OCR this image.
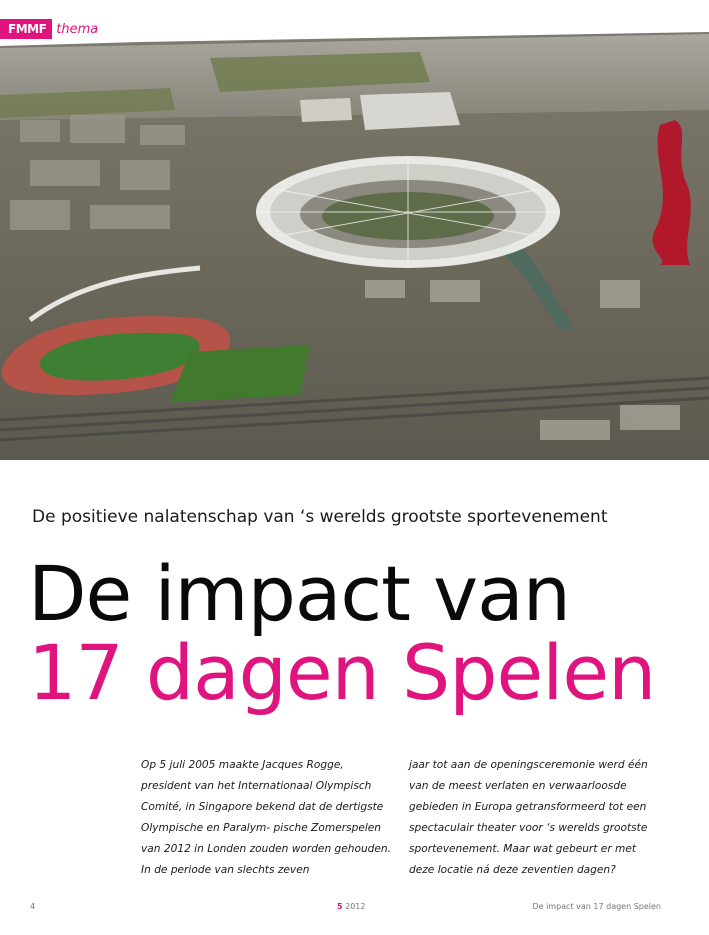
FMMF thema
De positieve nalatenschap van ‘s werelds grootste sportevenement
De impact van
17 dagen Spelen

Op 5 juli 2005 maakte Jacques Rogge, president van het Internationaal Olympisch Comité, in Singapore bekend dat de dertigste Olympische en Paralym- pische Zomerspelen van 2012 in Londen zouden worden gehouden. In de periode van slechts zeven

jaar tot aan de openingsceremonie werd één van de meest verlaten en verwaarloosde gebieden in Europa getransformeerd tot een spectaculair theater voor ‘s werelds grootste sportevenement. Maar wat gebeurt er met deze locatie ná deze zeventien dagen?

4	5 2012	De impact van 17 dagen Spelen
